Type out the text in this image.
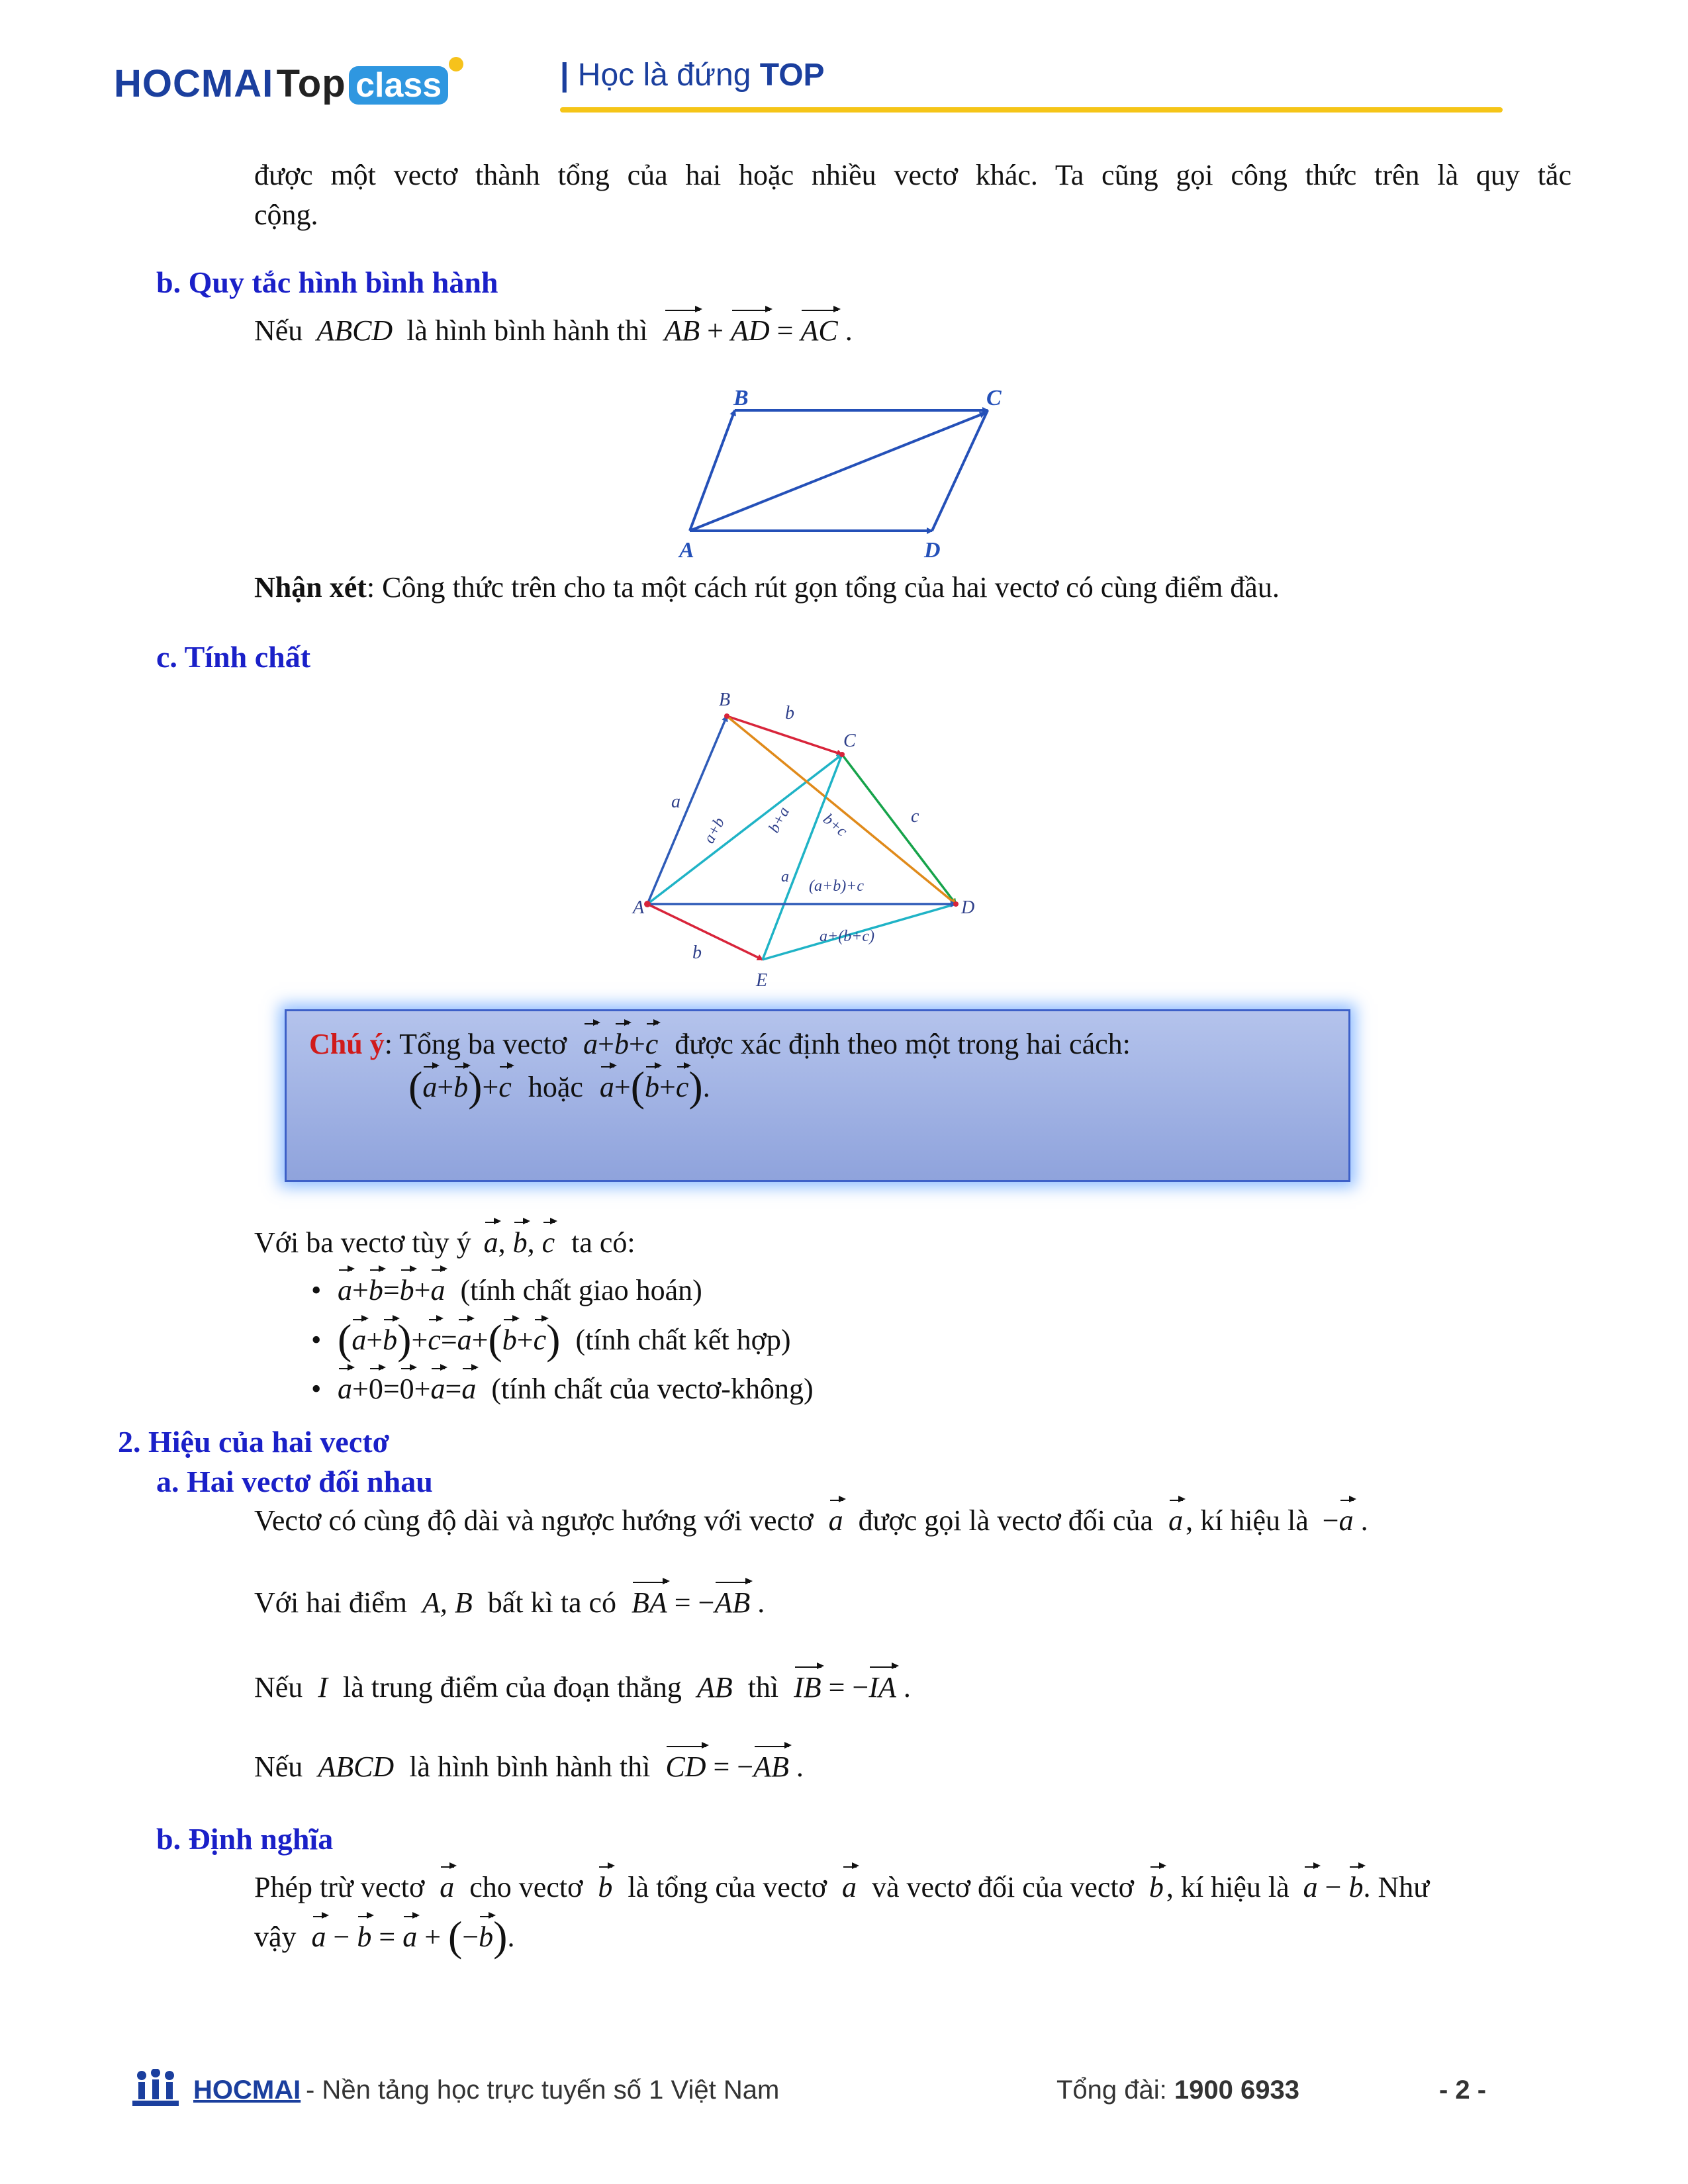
HOCMAI Top class	| Học là đứng TOP
được một vectơ thành tổng của hai hoặc nhiều vectơ khác. Ta cũng gọi công thức trên là quy tắc
cộng.
b. Quy tắc hình bình hành
Nếu ABCD là hình bình hành thì AB + AD = AC .
A
B	C
D
Nhận xét: Công thức trên cho ta một cách rút gọn tổng của hai vectơ có cùng điểm đầu.
c. Tính chất
A
B
C
D
E
a
b
c
b
a+b b+a b+c
a
(a+b)+c
a+(b+c)
Chú ý: Tổng ba vectơ a+b+c được xác định theo một trong hai cách:
(a+b)+c hoặc a+(b+c).
Với ba vectơ tùy ý a, b, c ta có:
• a+b=b+a (tính chất giao hoán)
• (a+b)+c=a+(b+c) (tính chất kết hợp)
• a+0=0+a=a (tính chất của vectơ-không)
2. Hiệu của hai vectơ
a. Hai vectơ đối nhau
Vectơ có cùng độ dài và ngược hướng với vectơ a được gọi là vectơ đối của a, kí hiệu là −a .
Với hai điểm A, B bất kì ta có BA = −AB .
Nếu I là trung điểm của đoạn thẳng AB thì IB = −IA .
Nếu ABCD là hình bình hành thì CD = −AB .
b. Định nghĩa
Phép trừ vectơ a cho vectơ b là tổng của vectơ a và vectơ đối của vectơ b, kí hiệu là a − b. Như
vậy a − b = a + (−b).
HOCMAI - Nền tảng học trực tuyến số 1 Việt Nam	Tổng đài: 1900 6933	- 2 -
